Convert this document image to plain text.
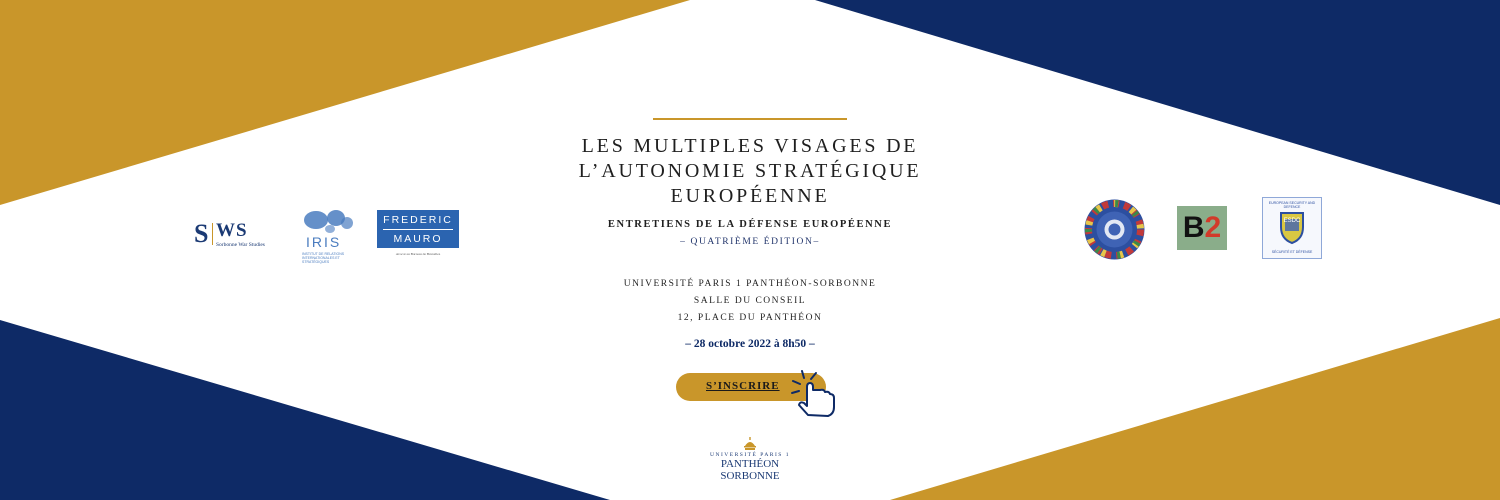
LES MULTIPLES VISAGES DE
L’AUTONOMIE STRATÉGIQUE
EUROPÉENNE
ENTRETIENS DE LA DÉFENSE EUROPÉENNE
– QUATRIÈME ÉDITION–
UNIVERSITÉ PARIS 1 PANTHÉON-SORBONNE
SALLE DU CONSEIL
12, PLACE DU PANTHÉON
– 28 octobre 2022 à 8h50 –
S’INSCRIRE
S WS
Sorbonne War Studies	IRIS
INSTITUT DE RELATIONS INTERNATIONALES ET STRATÉGIQUES
FREDERIC
MAURO
Avocat au Barreau de Bruxelles
B2
EUROPEAN SECURITY AND DEFENCE
ESDC
SÉCURITÉ ET DÉFENSE
UNIVERSITÉ PARIS 1
PANTHÉON SORBONNE
